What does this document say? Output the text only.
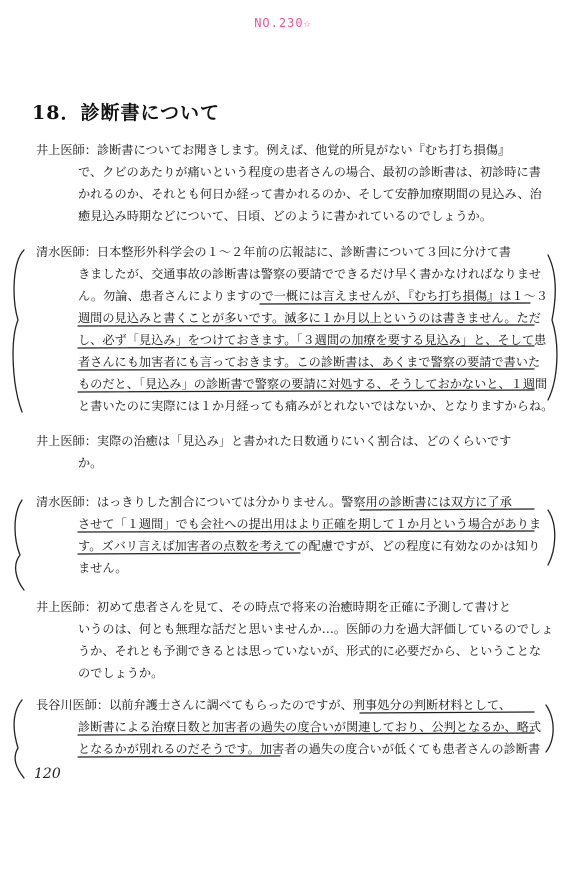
NO.230☆
18．診断書について
井上医師：診断書についてお聞きします。例えば、他覚的所見がない『むち打ち損傷』
で、クビのあたりが痛いという程度の患者さんの場合、最初の診断書は、初診時に書
かれるのか、それとも何日か経って書かれるのか、そして安静加療期間の見込み、治
癒見込み時期などについて、日頃、どのように書かれているのでしょうか。
清水医師：日本整形外科学会の１〜２年前の広報誌に、診断書について３回に分けて書
きましたが、交通事故の診断書は警察の要請でできるだけ早く書かなければなりませ
ん。勿論、患者さんによりますので一概には言えませんが、『むち打ち損傷』は１〜３
週間の見込みと書くことが多いです。滅多に１か月以上というのは書きません。ただ
し、必ず「見込み」をつけておきます。「３週間の加療を要する見込み」と、そして患
者さんにも加害者にも言っておきます。この診断書は、あくまで警察の要請で書いた
ものだと、「見込み」の診断書で警察の要請に対処する、そうしておかないと、１週間
と書いたのに実際には１か月経っても痛みがとれないではないか、となりますからね。
井上医師：実際の治癒は「見込み」と書かれた日数通りにいく割合は、どのくらいです
か。
清水医師：はっきりした割合については分かりません。警察用の診断書には双方に了承
させて「１週間」でも会社への提出用はより正確を期して１か月という場合がありま
す。ズバリ言えば加害者の点数を考えての配慮ですが、どの程度に有効なのかは知り
ません。
井上医師：初めて患者さんを見て、その時点で将来の治癒時期を正確に予測して書けと
いうのは、何とも無理な話だと思いませんか…。医師の力を過大評価しているのでしょ
うか、それとも予測できるとは思っていないが、形式的に必要だから、ということな
のでしょうか。
長谷川医師：以前弁護士さんに調べてもらったのですが、刑事処分の判断材料として、
診断書による治療日数と加害者の過失の度合いが関連しており、公判となるか、略式
となるかが別れるのだそうです。加害者の過失の度合いが低くても患者さんの診断書
120
